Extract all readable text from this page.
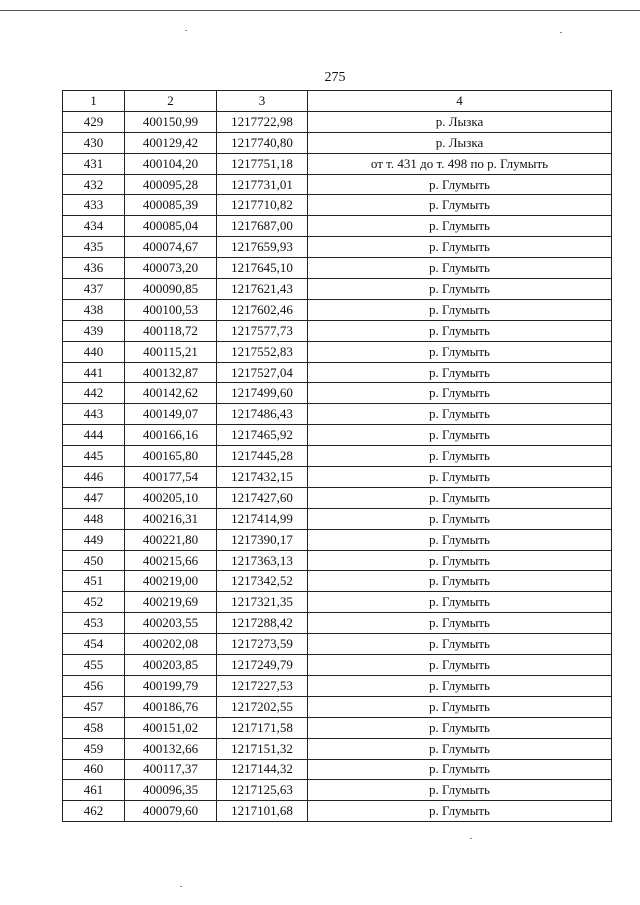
275
1	2	3	4
429	400150,99	1217722,98	р. Лызка
430	400129,42	1217740,80	р. Лызка
431	400104,20	1217751,18	от т. 431 до т. 498 по р. Глумыть
432	400095,28	1217731,01	р. Глумыть
433	400085,39	1217710,82	р. Глумыть
434	400085,04	1217687,00	р. Глумыть
435	400074,67	1217659,93	р. Глумыть
436	400073,20	1217645,10	р. Глумыть
437	400090,85	1217621,43	р. Глумыть
438	400100,53	1217602,46	р. Глумыть
439	400118,72	1217577,73	р. Глумыть
440	400115,21	1217552,83	р. Глумыть
441	400132,87	1217527,04	р. Глумыть
442	400142,62	1217499,60	р. Глумыть
443	400149,07	1217486,43	р. Глумыть
444	400166,16	1217465,92	р. Глумыть
445	400165,80	1217445,28	р. Глумыть
446	400177,54	1217432,15	р. Глумыть
447	400205,10	1217427,60	р. Глумыть
448	400216,31	1217414,99	р. Глумыть
449	400221,80	1217390,17	р. Глумыть
450	400215,66	1217363,13	р. Глумыть
451	400219,00	1217342,52	р. Глумыть
452	400219,69	1217321,35	р. Глумыть
453	400203,55	1217288,42	р. Глумыть
454	400202,08	1217273,59	р. Глумыть
455	400203,85	1217249,79	р. Глумыть
456	400199,79	1217227,53	р. Глумыть
457	400186,76	1217202,55	р. Глумыть
458	400151,02	1217171,58	р. Глумыть
459	400132,66	1217151,32	р. Глумыть
460	400117,37	1217144,32	р. Глумыть
461	400096,35	1217125,63	р. Глумыть
462	400079,60	1217101,68	р. Глумыть
